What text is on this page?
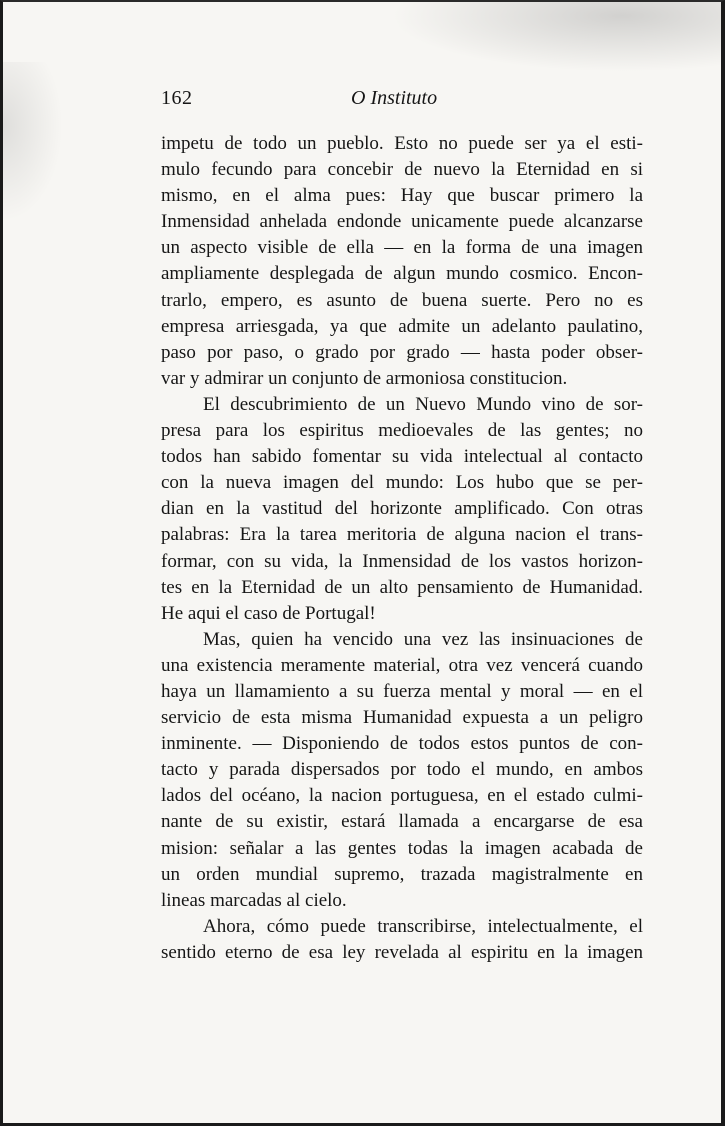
162	O Instituto
impetu de todo un pueblo. Esto no puede ser ya el esti-
mulo fecundo para concebir de nuevo la Eternidad en si
mismo, en el alma pues: Hay que buscar primero la
Inmensidad anhelada endonde unicamente puede alcanzarse
un aspecto visible de ella — en la forma de una imagen
ampliamente desplegada de algun mundo cosmico. Encon-
trarlo, empero, es asunto de buena suerte. Pero no es
empresa arriesgada, ya que admite un adelanto paulatino,
paso por paso, o grado por grado — hasta poder obser-
var y admirar un conjunto de armoniosa constitucion.
El descubrimiento de un Nuevo Mundo vino de sor-
presa para los espiritus medioevales de las gentes; no
todos han sabido fomentar su vida intelectual al contacto
con la nueva imagen del mundo: Los hubo que se per-
dian en la vastitud del horizonte amplificado. Con otras
palabras: Era la tarea meritoria de alguna nacion el trans-
formar, con su vida, la Inmensidad de los vastos horizon-
tes en la Eternidad de un alto pensamiento de Humanidad.
He aqui el caso de Portugal!
Mas, quien ha vencido una vez las insinuaciones de
una existencia meramente material, otra vez vencerá cuando
haya un llamamiento a su fuerza mental y moral — en el
servicio de esta misma Humanidad expuesta a un peligro
inminente. — Disponiendo de todos estos puntos de con-
tacto y parada dispersados por todo el mundo, en ambos
lados del océano, la nacion portuguesa, en el estado culmi-
nante de su existir, estará llamada a encargarse de esa
mision: señalar a las gentes todas la imagen acabada de
un orden mundial supremo, trazada magistralmente en
lineas marcadas al cielo.
Ahora, cómo puede transcribirse, intelectualmente, el
sentido eterno de esa ley revelada al espiritu en la imagen
